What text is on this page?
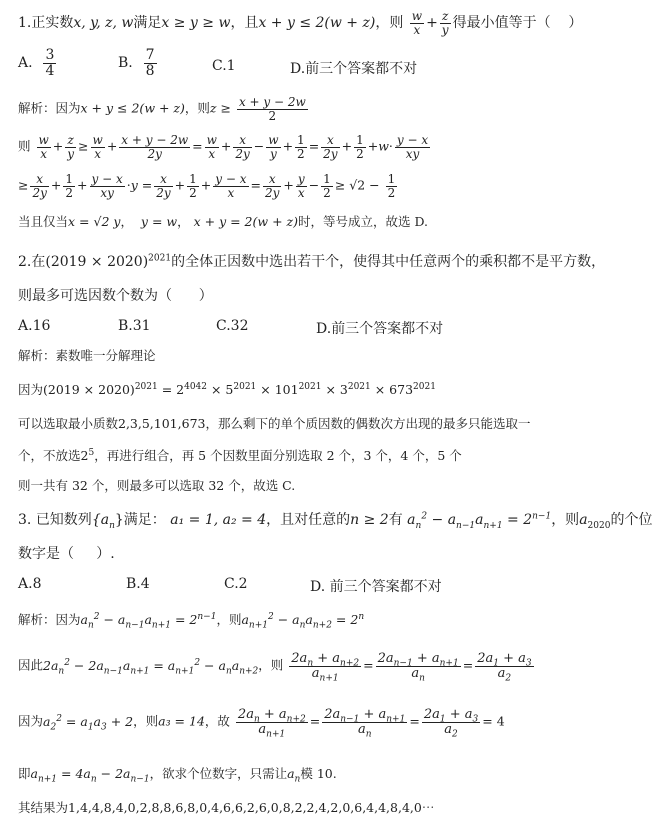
1.正实数x, y, z, w满足x ≥ y ≥ w，且x + y ≤ 2(w + z)，则 $\frac{w}{x} + \frac{z}{y}$ 得最小值等于（ ）
A. $\frac{3}{4}$	B. $\frac{7}{8}$	C.1	D.前三个答案都不对
解析：因为x + y ≤ 2(w + z)，则$z \ge \frac{x + y - 2w}{2}$
则 $\frac{w}{x} + \frac{z}{y} \ge \frac{w}{x} + \frac{x + y - 2w}{2y} = \frac{w}{x} + \frac{x}{2y} - \frac{w}{y} + \frac{1}{2} = \frac{x}{2y} + \frac{1}{2} +w\cdot \frac{y - x}{xy}$
≥ $\frac{x}{2y} + \frac{1}{2} + \frac{y - x}{xy} \cdot y = \frac{x}{2y} + \frac{1}{2} + \frac{y - x}{x} = \frac{x}{2y} + \frac{y}{x} - \frac{1}{2} \ge √2 - \frac{1}{2}$
当且仅当x = √2 y， y = w， x + y = 2(w + z)时，等号成立，故选 D.
2.在$(2019 \times 2020)^{2021}$的全体正因数中选出若干个，使得其中任意两个的乘积都不是平方数，
则最多可选因数个数为（ ）
A.16	B.31	C.32	D.前三个答案都不对
解析：素数唯一分解理论
因为$(2019 \times 2020)^{2021} = 2^{4042} \times 5^{2021} \times 101^{2021} \times 3^{2021} \times 673^{2021}$
可以选取最小质数2,3,5,101,673，那么剩下的单个质因数的偶数次方出现的最多只能选取一
个，不放选$2^5$，再进行组合，再 5 个因数里面分别选取 2 个，3 个，4 个，5 个
则一共有 32 个，则最多可以选取 32 个，故选 C.
3. 已知数列$\{a_n\}$满足： a₁ = 1, a₂ = 4，且对任意的n ≥ 2有 $a_n^2 - a_{n-1}a_{n+1} = 2^{n-1}$，则$a_{2020}$的个位
数字是（ ）.
A.8	B.4	C.2	D. 前三个答案都不对
解析：因为$a_n^2 - a_{n-1}a_{n+1} = 2^{n-1}$，则$a_{n+1}^2 - a_na_{n+2} = 2^n$
因此$2a_n^2 - 2a_{n-1}a_{n+1} = a_{n+1}^2 - a_na_{n+2}$，则 $\frac{2a_n + a_{n+2}}{a_{n+1}} = \frac{2a_{n-1} + a_{n+1}}{a_n} = \frac{2a_1 + a_3}{a_2}$
因为$a_2^2 = a_1a_3 + 2$，则a₃ = 14，故 $\frac{2a_n + a_{n+2}}{a_{n+1}} = \frac{2a_{n-1} + a_{n+1}}{a_n} = \frac{2a_1 + a_3}{a_2} = 4$
即$a_{n+1} = 4a_n - 2a_{n-1}$，欲求个位数字，只需让$a_n$模 10.
其结果为1,4,4,8,4,0,2,8,8,6,8,0,4,6,6,2,6,0,8,2,2,4,2,0,6,4,4,8,4,0⋯
